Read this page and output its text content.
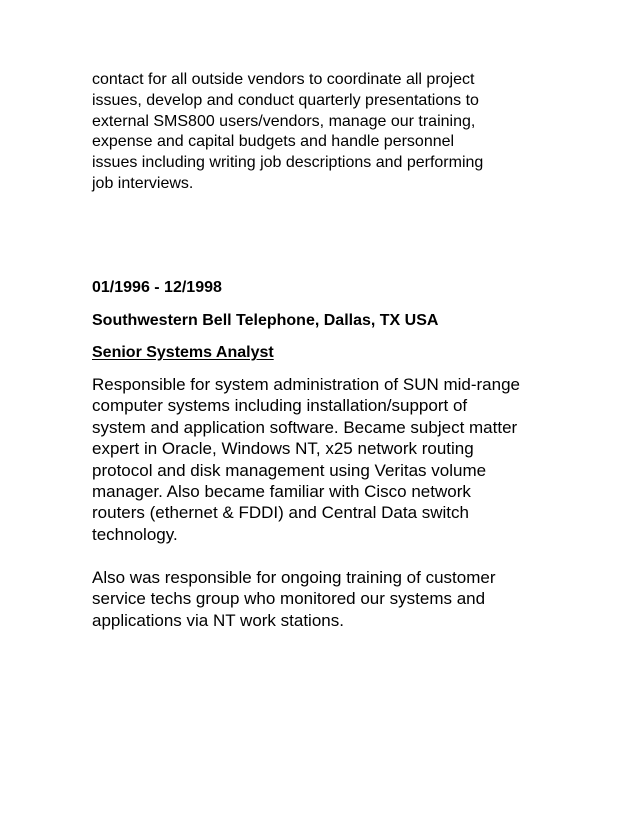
contact for all outside vendors to coordinate all project
issues, develop and conduct quarterly presentations to
external SMS800 users/vendors, manage our training,
expense and capital budgets and handle personnel
issues including writing job descriptions and performing
job interviews.

01/1996 - 12/1998
Southwestern Bell Telephone, Dallas, TX USA
Senior Systems Analyst

Responsible for system administration of SUN mid-range
computer systems including installation/support of
system and application software. Became subject matter
expert in Oracle, Windows NT, x25 network routing
protocol and disk management using Veritas volume
manager. Also became familiar with Cisco network
routers (ethernet & FDDI) and Central Data switch
technology.

Also was responsible for ongoing training of customer
service techs group who monitored our systems and
applications via NT work stations.
